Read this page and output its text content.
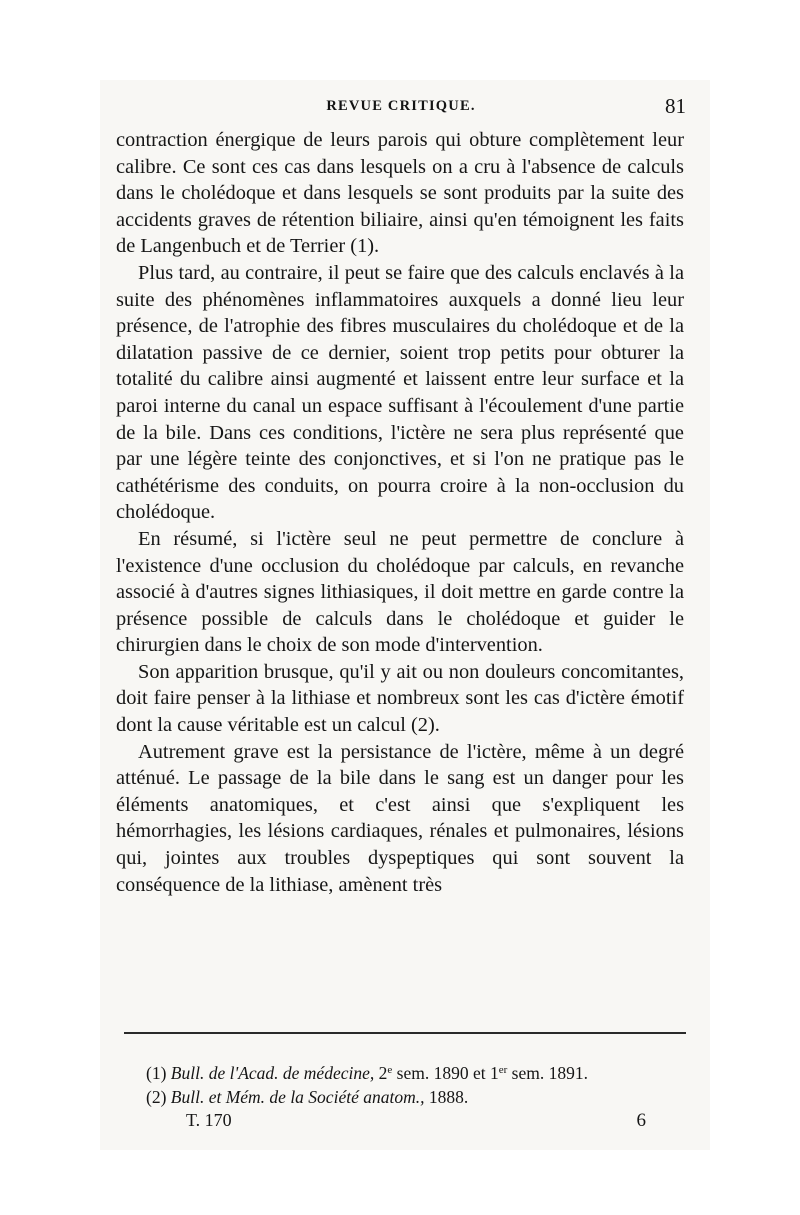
REVUE CRITIQUE.	81

contraction énergique de leurs parois qui obture complètement leur calibre. Ce sont ces cas dans lesquels on a cru à l'absence de calculs dans le cholédoque et dans lesquels se sont produits par la suite des accidents graves de rétention biliaire, ainsi qu'en témoignent les faits de Langenbuch et de Terrier (1).

Plus tard, au contraire, il peut se faire que des calculs enclavés à la suite des phénomènes inflammatoires auxquels a donné lieu leur présence, de l'atrophie des fibres musculaires du cholédoque et de la dilatation passive de ce dernier, soient trop petits pour obturer la totalité du calibre ainsi augmenté et laissent entre leur surface et la paroi interne du canal un espace suffisant à l'écoulement d'une partie de la bile. Dans ces conditions, l'ictère ne sera plus représenté que par une légère teinte des conjonctives, et si l'on ne pratique pas le cathétérisme des conduits, on pourra croire à la non-occlusion du cholédoque.

En résumé, si l'ictère seul ne peut permettre de conclure à l'existence d'une occlusion du cholédoque par calculs, en revanche associé à d'autres signes lithiasiques, il doit mettre en garde contre la présence possible de calculs dans le cholédoque et guider le chirurgien dans le choix de son mode d'intervention.

Son apparition brusque, qu'il y ait ou non douleurs concomitantes, doit faire penser à la lithiase et nombreux sont les cas d'ictère émotif dont la cause véritable est un calcul (2).

Autrement grave est la persistance de l'ictère, même à un degré atténué. Le passage de la bile dans le sang est un danger pour les éléments anatomiques, et c'est ainsi que s'expliquent les hémorrhagies, les lésions cardiaques, rénales et pulmonaires, lésions qui, jointes aux troubles dyspeptiques qui sont souvent la conséquence de la lithiase, amènent très

(1) Bull. de l'Acad. de médecine, 2e sem. 1890 et 1er sem. 1891.
(2) Bull. et Mém. de la Société anatom., 1888.
T. 170	6
